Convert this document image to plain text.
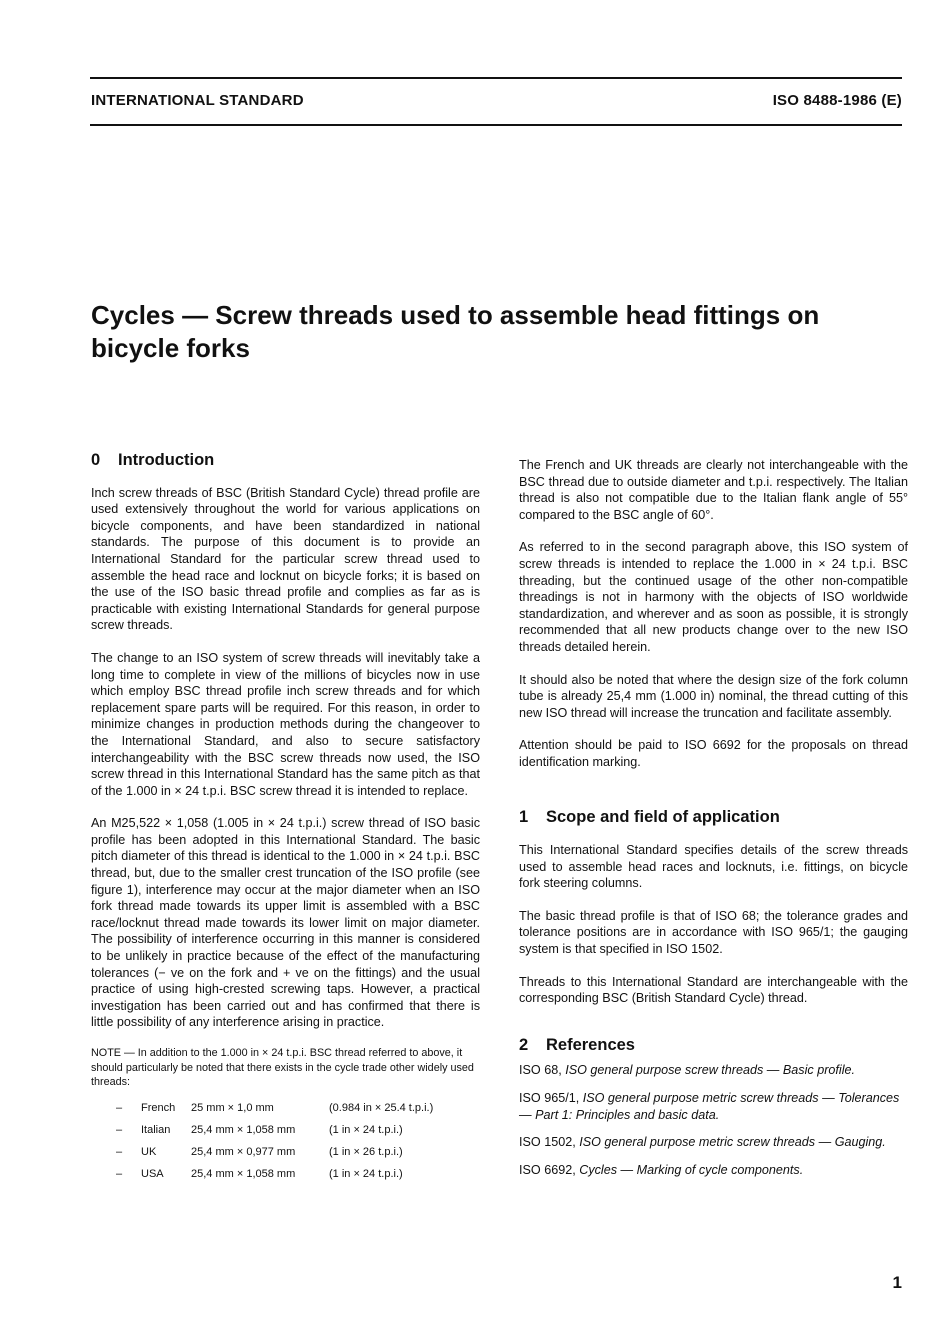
INTERNATIONAL STANDARD	ISO 8488-1986 (E)
Cycles — Screw threads used to assemble head fittings on bicycle forks
0 Introduction

Inch screw threads of BSC (British Standard Cycle) thread profile are used extensively throughout the world for various applications on bicycle components, and have been standardized in national standards. The purpose of this document is to provide an International Standard for the particular screw thread used to assemble the head race and locknut on bicycle forks; it is based on the use of the ISO basic thread profile and complies as far as is practicable with existing International Standards for general purpose screw threads.

The change to an ISO system of screw threads will inevitably take a long time to complete in view of the millions of bicycles now in use which employ BSC thread profile inch screw threads and for which replacement spare parts will be required. For this reason, in order to minimize changes in production methods during the changeover to the International Standard, and also to secure satisfactory interchangeability with the BSC screw threads now used, the ISO screw thread in this International Standard has the same pitch as that of the 1.000 in × 24 t.p.i. BSC screw thread it is intended to replace.

An M25,522 × 1,058 (1.005 in × 24 t.p.i.) screw thread of ISO basic profile has been adopted in this International Standard. The basic pitch diameter of this thread is identical to the 1.000 in × 24 t.p.i. BSC thread, but, due to the smaller crest truncation of the ISO profile (see figure 1), interference may occur at the major diameter when an ISO fork thread made towards its upper limit is assembled with a BSC race/locknut thread made towards its lower limit on major diameter. The possibility of interference occurring in this manner is considered to be unlikely in practice because of the effect of the manufacturing tolerances (− ve on the fork and + ve on the fittings) and the usual practice of using high-crested screwing taps. However, a practical investigation has been carried out and has confirmed that there is little possibility of any interference arising in practice.

NOTE — In addition to the 1.000 in × 24 t.p.i. BSC thread referred to above, it should particularly be noted that there exists in the cycle trade other widely used threads:

–	French	25 mm × 1,0 mm	(0.984 in × 25.4 t.p.i.)
–	Italian	25,4 mm × 1,058 mm	(1 in × 24 t.p.i.)
–	UK	25,4 mm × 0,977 mm	(1 in × 26 t.p.i.)
–	USA	25,4 mm × 1,058 mm	(1 in × 24 t.p.i.)

The French and UK threads are clearly not interchangeable with the BSC thread due to outside diameter and t.p.i. respectively. The Italian thread is also not compatible due to the Italian flank angle of 55° compared to the BSC angle of 60°.

As referred to in the second paragraph above, this ISO system of screw threads is intended to replace the 1.000 in × 24 t.p.i. BSC threading, but the continued usage of the other non-compatible threadings is not in harmony with the objects of ISO worldwide standardization, and wherever and as soon as possible, it is strongly recommended that all new products change over to the new ISO threads detailed herein.

It should also be noted that where the design size of the fork column tube is already 25,4 mm (1.000 in) nominal, the thread cutting of this new ISO thread will increase the truncation and facilitate assembly.

Attention should be paid to ISO 6692 for the proposals on thread identification marking.

1 Scope and field of application

This International Standard specifies details of the screw threads used to assemble head races and locknuts, i.e. fittings, on bicycle fork steering columns.

The basic thread profile is that of ISO 68; the tolerance grades and tolerance positions are in accordance with ISO 965/1; the gauging system is that specified in ISO 1502.

Threads to this International Standard are interchangeable with the corresponding BSC (British Standard Cycle) thread.

2 References

ISO 68, ISO general purpose screw threads — Basic profile.

ISO 965/1, ISO general purpose metric screw threads — Tolerances — Part 1: Principles and basic data.

ISO 1502, ISO general purpose metric screw threads — Gauging.

ISO 6692, Cycles — Marking of cycle components.

1
